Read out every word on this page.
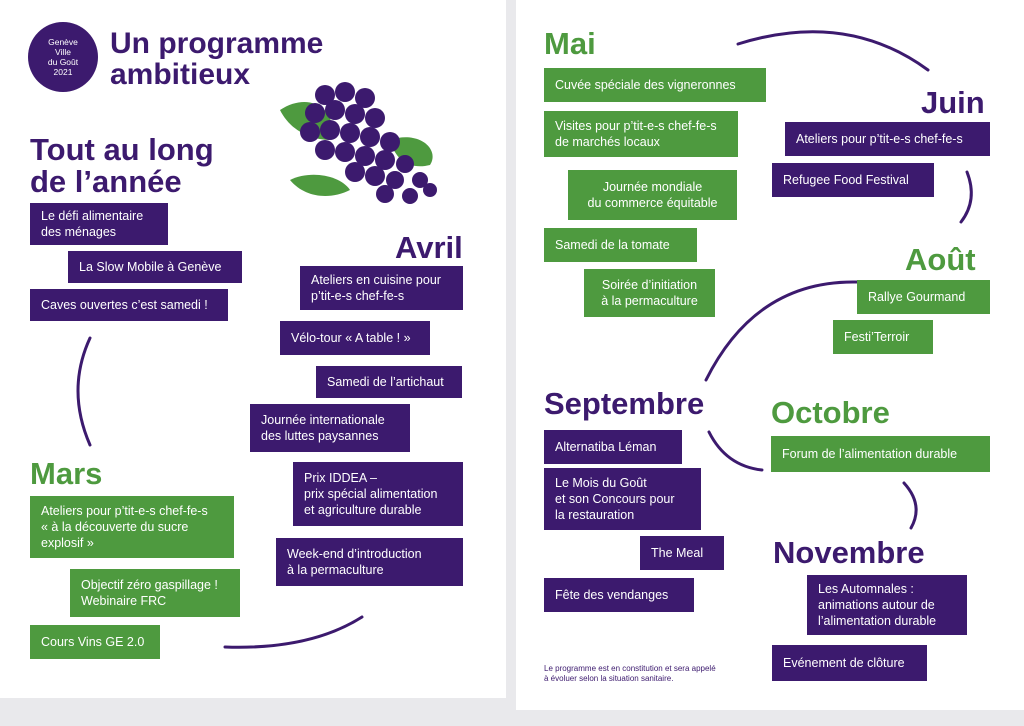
Genève
Ville
du Goût
2021
Un programme
ambitieux
Tout au long
de l’année
Le défi alimentaire
des ménages
La Slow Mobile à Genève
Caves ouvertes c’est samedi !
Avril
Ateliers en cuisine pour
p’tit-e-s chef-fe-s
Vélo-tour « A table ! »
Samedi de l’artichaut
Journée internationale
des luttes paysannes
Prix IDDEA –
prix spécial alimentation
et agriculture durable
Week-end d’introduction
à la permaculture
Mars
Ateliers pour p’tit-e-s chef-fe-s
« à la découverte du sucre
explosif »
Objectif zéro gaspillage !
Webinaire FRC
Cours Vins GE 2.0
Mai
Cuvée spéciale des vigneronnes
Visites pour p’tit-e-s chef-fe-s
de marchés locaux
Journée mondiale
du commerce équitable
Samedi de la tomate
Soirée d’initiation
à la permaculture
Juin
Ateliers pour p’tit-e-s chef-fe-s
Refugee Food Festival
Août
Rallye Gourmand
Festi’Terroir
Septembre
Alternatiba Léman
Le Mois du Goût
et son Concours pour
la restauration
The Meal
Fête des vendanges
Octobre
Forum de l’alimentation durable
Novembre
Les Automnales :
animations autour de
l’alimentation durable
Evénement de clôture
Le programme est en constitution et sera appelé
à évoluer selon la situation sanitaire.
